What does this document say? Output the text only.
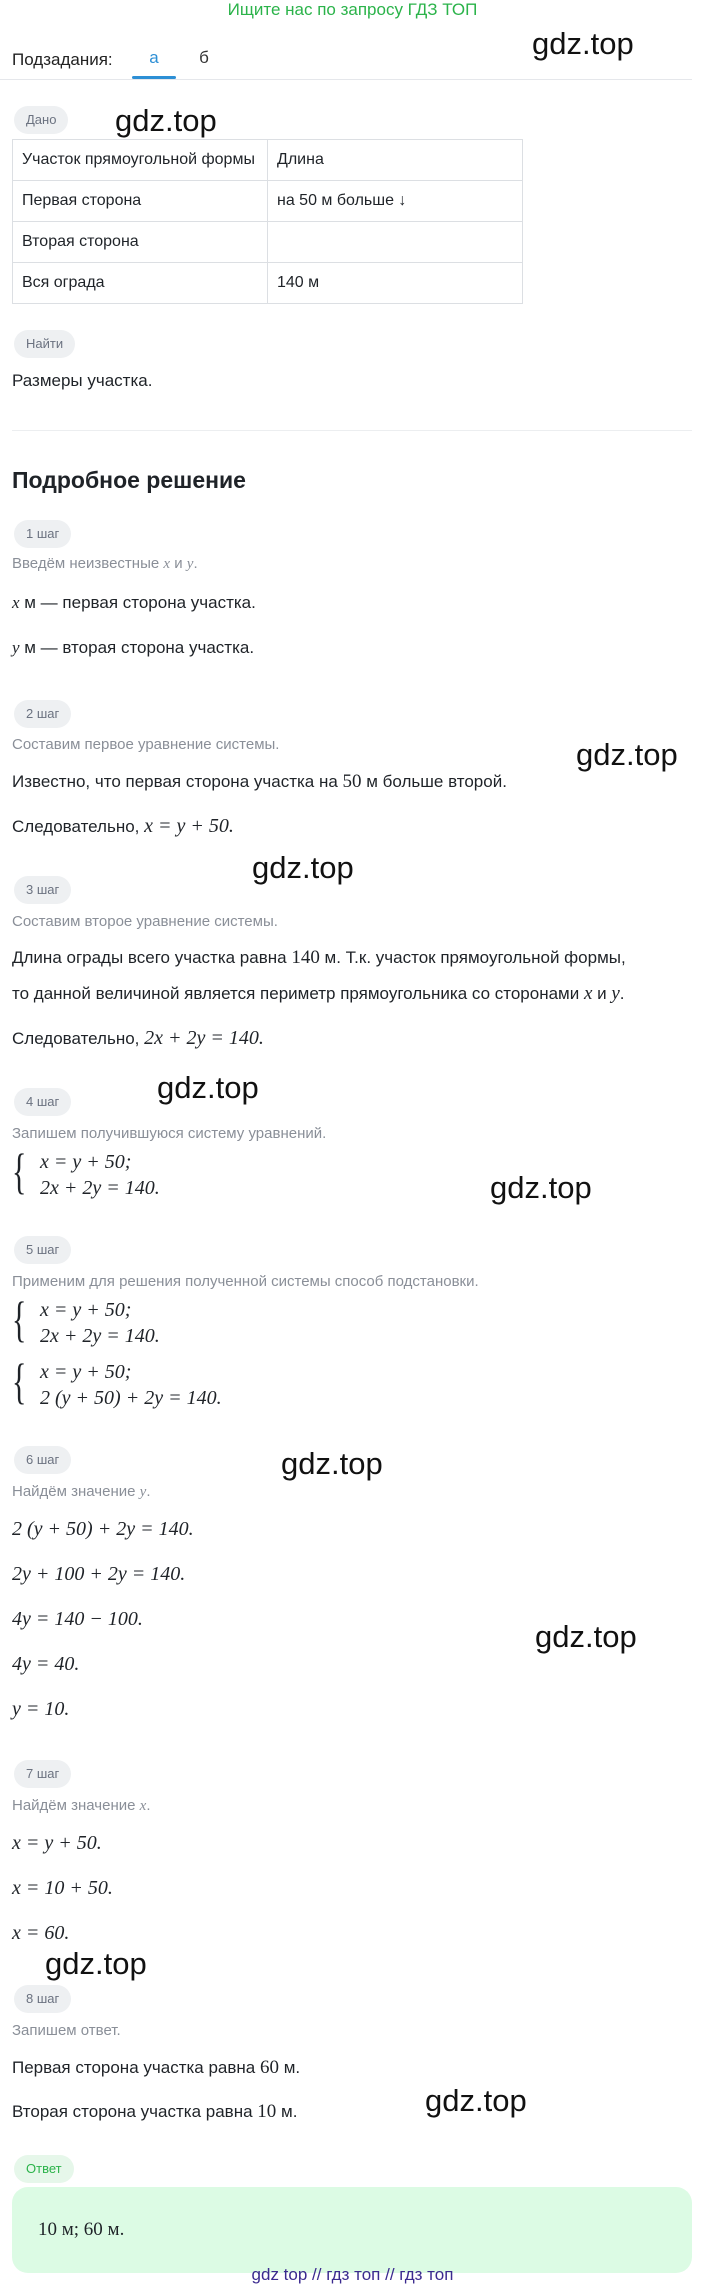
Ищите нас по запросу ГДЗ ТОП
Подзадания:	а	б	gdz.top
gdz.top
gdz.top
gdz.top
gdz.top
gdz.top
gdz.top
gdz.top
gdz.top
gdz.top
Дано
Участок прямоугольной формы	Длина
Первая сторона	на 50 м больше ↓
Вторая сторона	
Вся ограда	140 м
Найти
Размеры участка.
Подробное решение
1 шаг
Введём неизвестные x и y.
x м — первая сторона участка.
y м — вторая сторона участка.
2 шаг
Составим первое уравнение системы.
Известно, что первая сторона участка на 50 м больше второй.
Следовательно, x = y + 50.
3 шаг
Составим второе уравнение системы.
Длина ограды всего участка равна 140 м. Т.к. участок прямоугольной формы,
то данной величиной является периметр прямоугольника со сторонами x и y.
Следовательно, 2x + 2y = 140.
4 шаг
Запишем получившуюся систему уравнений.
{ x = y + 50;
2x + 2y = 140.
5 шаг
Применим для решения полученной системы способ подстановки.
{ x = y + 50;
2x + 2y = 140.
{ x = y + 50;
2 (y + 50) + 2y = 140.
6 шаг
Найдём значение y.
2 (y + 50) + 2y = 140.
2y + 100 + 2y = 140.
4y = 140 − 100.
4y = 40.
y = 10.
7 шаг
Найдём значение x.
x = y + 50.
x = 10 + 50.
x = 60.
8 шаг
Запишем ответ.
Первая сторона участка равна 60 м.
Вторая сторона участка равна 10 м.
Ответ
10 м; 60 м.
gdz top // гдз топ // гдз топ
